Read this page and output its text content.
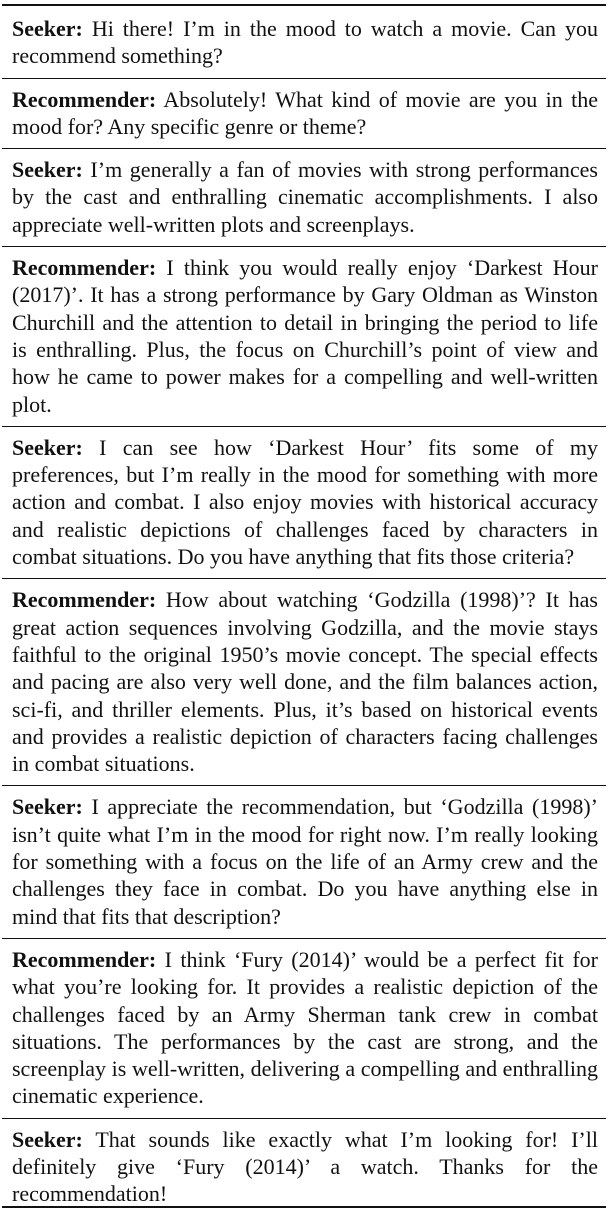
Seeker: Hi there! I’m in the mood to watch a movie. Can you recommend something?
Recommender: Absolutely! What kind of movie are you in the mood for? Any specific genre or theme?
Seeker: I’m generally a fan of movies with strong performances by the cast and enthralling cinematic accomplishments. I also appreciate well-written plots and screenplays.
Recommender: I think you would really enjoy ‘Darkest Hour (2017)’. It has a strong performance by Gary Oldman as Winston Churchill and the attention to detail in bringing the period to life is enthralling. Plus, the focus on Churchill’s point of view and how he came to power makes for a compelling and well-written plot.
Seeker: I can see how ‘Darkest Hour’ fits some of my preferences, but I’m really in the mood for something with more action and combat. I also enjoy movies with historical accuracy and realistic depictions of challenges faced by characters in combat situations. Do you have anything that fits those criteria?
Recommender: How about watching ‘Godzilla (1998)’? It has great action sequences involving Godzilla, and the movie stays faithful to the original 1950’s movie concept. The special effects and pacing are also very well done, and the film balances action, sci-fi, and thriller elements. Plus, it’s based on historical events and provides a realistic depiction of characters facing challenges in combat situations.
Seeker: I appreciate the recommendation, but ‘Godzilla (1998)’ isn’t quite what I’m in the mood for right now. I’m really looking for something with a focus on the life of an Army crew and the challenges they face in combat. Do you have anything else in mind that fits that description?
Recommender: I think ‘Fury (2014)’ would be a perfect fit for what you’re looking for. It provides a realistic depiction of the challenges faced by an Army Sherman tank crew in combat situations. The performances by the cast are strong, and the screenplay is well-written, delivering a compelling and enthralling cinematic experience.
Seeker: That sounds like exactly what I’m looking for! I’ll definitely give ‘Fury (2014)’ a watch. Thanks for the recommendation!
